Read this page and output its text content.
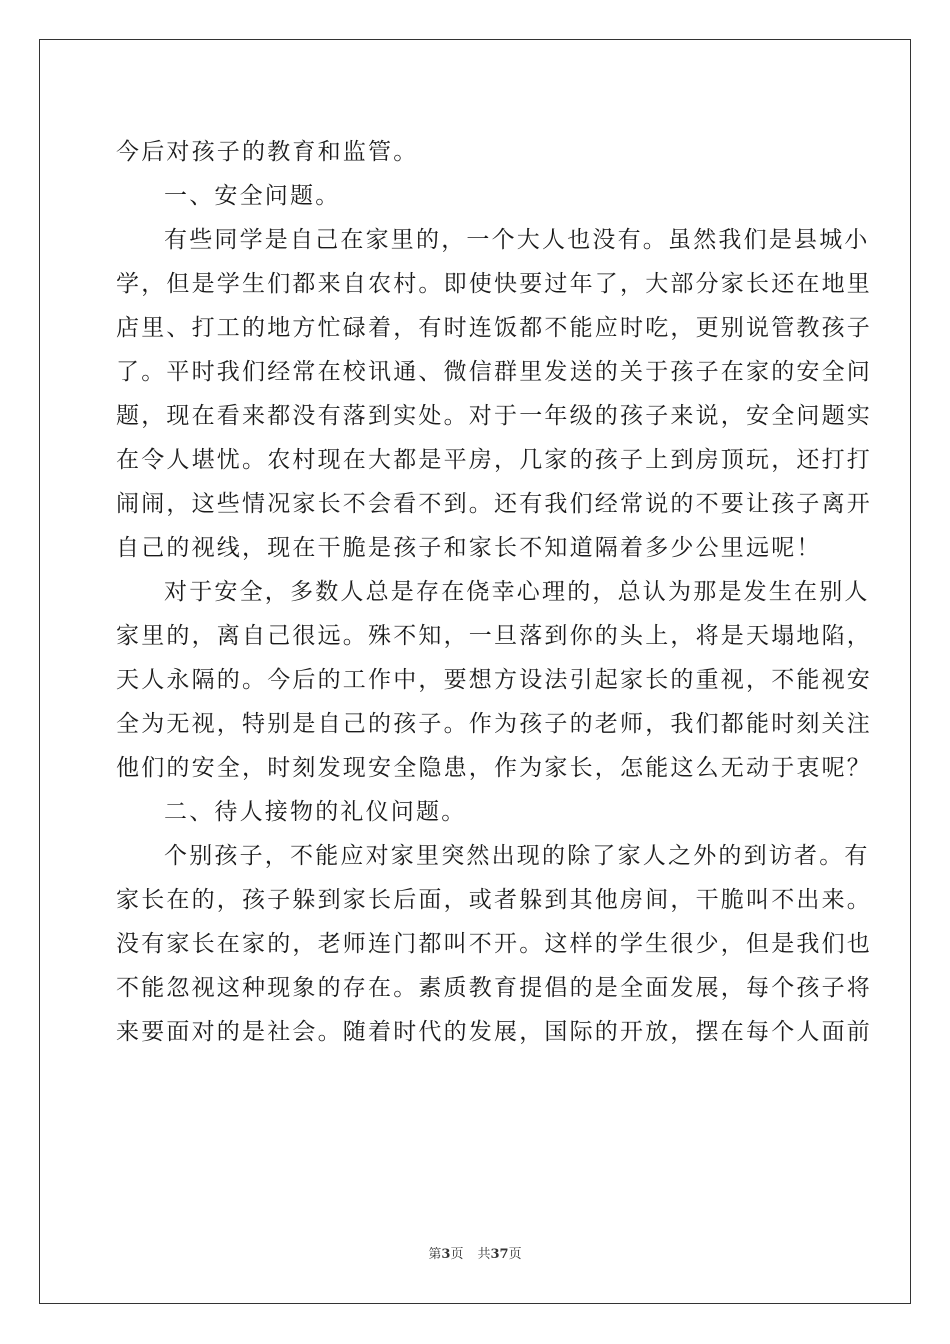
今后对孩子的教育和监管。
一、安全问题。
有些同学是自己在家里的，一个大人也没有。虽然我们是县城小
学，但是学生们都来自农村。即使快要过年了，大部分家长还在地里
店里、打工的地方忙碌着，有时连饭都不能应时吃，更别说管教孩子
了。平时我们经常在校讯通、微信群里发送的关于孩子在家的安全问
题，现在看来都没有落到实处。对于一年级的孩子来说，安全问题实
在令人堪忧。农村现在大都是平房，几家的孩子上到房顶玩，还打打
闹闹，这些情况家长不会看不到。还有我们经常说的不要让孩子离开
自己的视线，现在干脆是孩子和家长不知道隔着多少公里远呢！
对于安全，多数人总是存在侥幸心理的，总认为那是发生在别人
家里的，离自己很远。殊不知，一旦落到你的头上，将是天塌地陷，
天人永隔的。今后的工作中，要想方设法引起家长的重视，不能视安
全为无视，特别是自己的孩子。作为孩子的老师，我们都能时刻关注
他们的安全，时刻发现安全隐患，作为家长，怎能这么无动于衷呢？
二、待人接物的礼仪问题。
个别孩子，不能应对家里突然出现的除了家人之外的到访者。有
家长在的，孩子躲到家长后面，或者躲到其他房间，干脆叫不出来。
没有家长在家的，老师连门都叫不开。这样的学生很少，但是我们也
不能忽视这种现象的存在。素质教育提倡的是全面发展，每个孩子将
来要面对的是社会。随着时代的发展，国际的开放，摆在每个人面前
第3页 共37页
